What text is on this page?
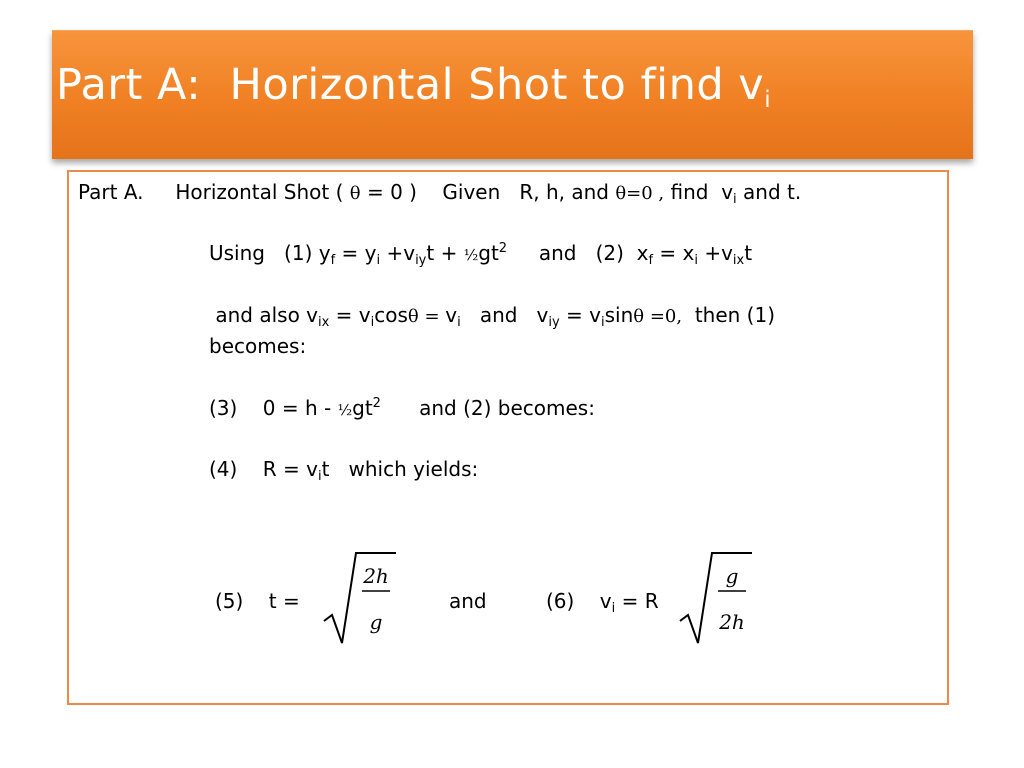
Part A:  Horizontal Shot to find $v_i$
Part A.     Horizontal Shot ( θ = 0 )    Given   R, h, and θ=0 , find  $v_i$ and t.
Using   (1) $y_f = y_i +v_{iy}t$ + $\frac{1}{2}gt^2$     and   (2)  $x_f = x_i +v_{ix}t$
and also $v_{ix} = v_i\cos\theta = v_i$   and   $v_{iy} = v_i\sin\theta =0$,  then (1)
becomes:
(3)    $0 = h - \frac{1}{2}gt^2$      and (2) becomes:
(4)    $R = v_it$   which yields:
(5)    t =	and	(6)    $v_i = R$
2h
g
g
2h
